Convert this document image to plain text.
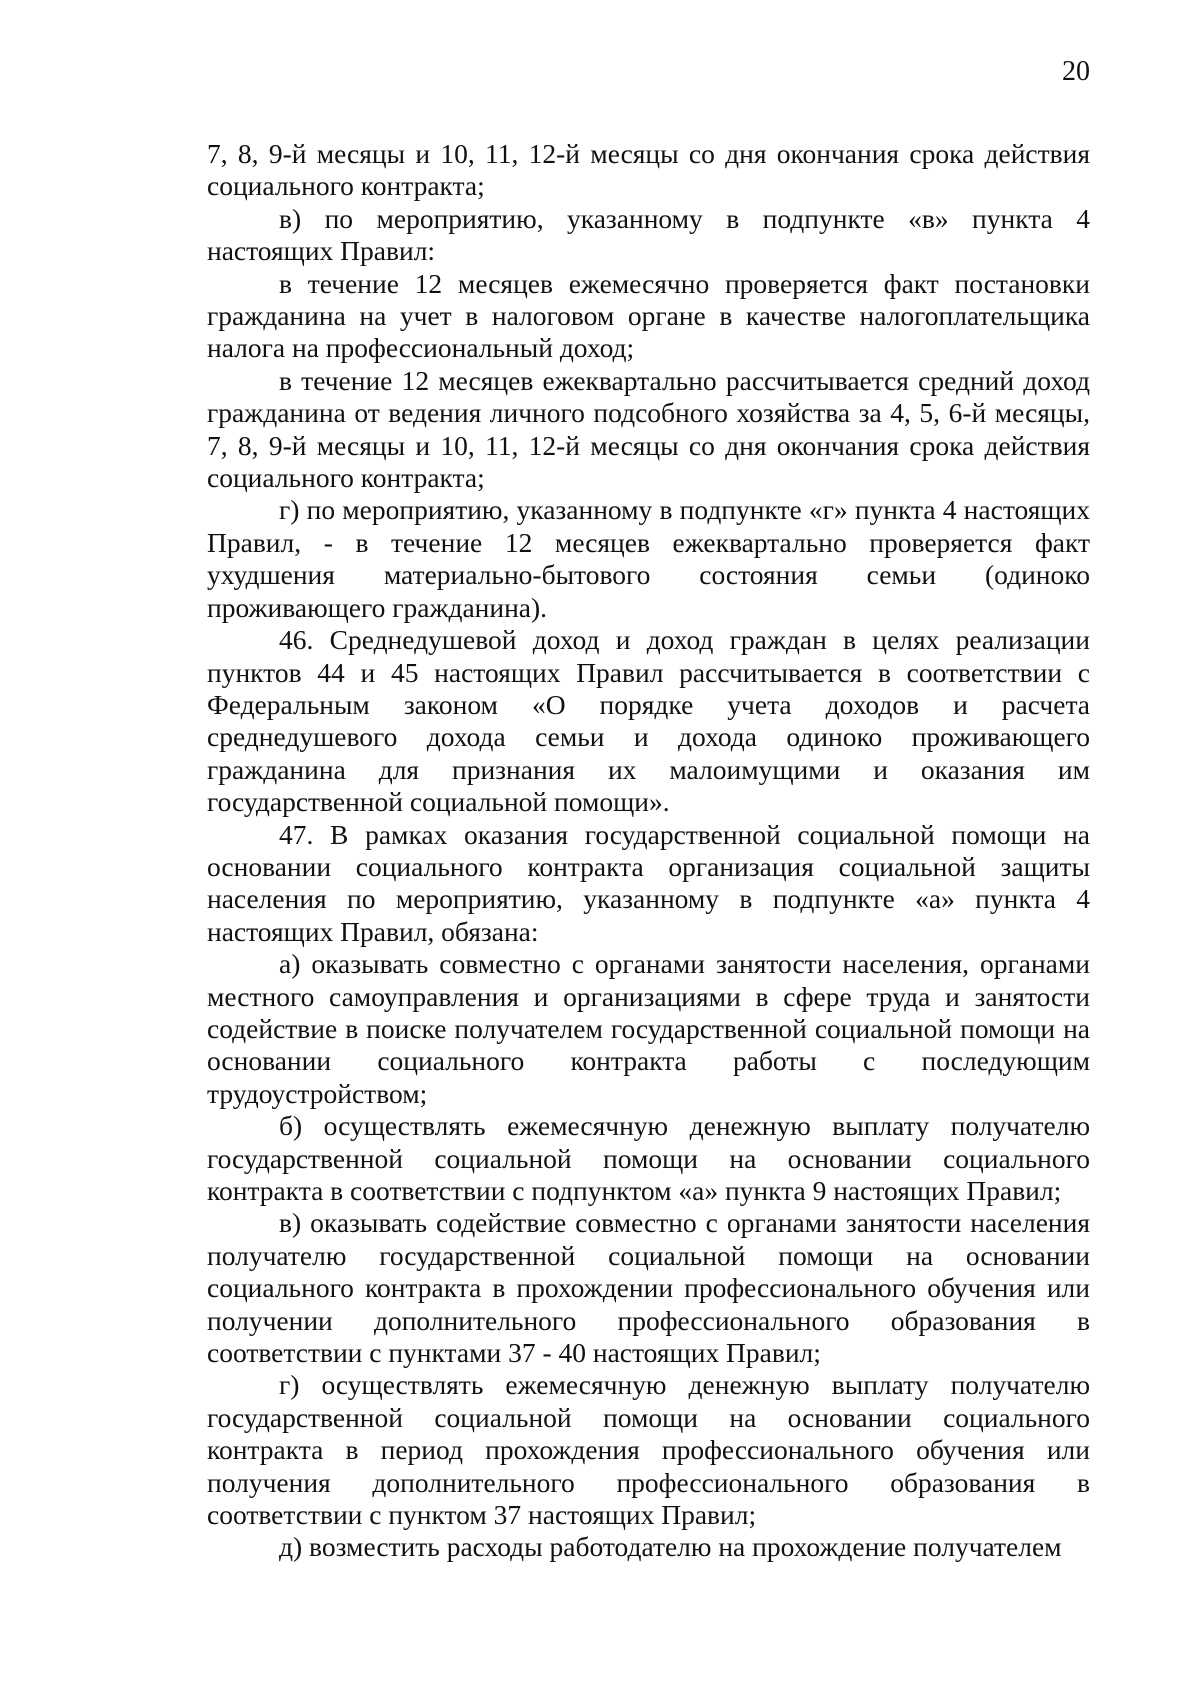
20

7, 8, 9-й месяцы и 10, 11, 12-й месяцы со дня окончания срока действия социального контракта;

в) по мероприятию, указанному в подпункте «в» пункта 4 настоящих Правил:

в течение 12 месяцев ежемесячно проверяется факт постановки гражданина на учет в налоговом органе в качестве налогоплательщика налога на профессиональный доход;

в течение 12 месяцев ежеквартально рассчитывается средний доход гражданина от ведения личного подсобного хозяйства за 4, 5, 6-й месяцы, 7, 8, 9-й месяцы и 10, 11, 12-й месяцы со дня окончания срока действия социального контракта;

г) по мероприятию, указанному в подпункте «г» пункта 4 настоящих Правил, - в течение 12 месяцев ежеквартально проверяется факт ухудшения материально-бытового состояния семьи (одиноко проживающего гражданина).

46. Среднедушевой доход и доход граждан в целях реализации пунктов 44 и 45 настоящих Правил рассчитывается в соответствии с Федеральным законом «О порядке учета доходов и расчета среднедушевого дохода семьи и дохода одиноко проживающего гражданина для признания их малоимущими и оказания им государственной социальной помощи».

47. В рамках оказания государственной социальной помощи на основании социального контракта организация социальной защиты населения по мероприятию, указанному в подпункте «а» пункта 4 настоящих Правил, обязана:

а) оказывать совместно с органами занятости населения, органами местного самоуправления и организациями в сфере труда и занятости содействие в поиске получателем государственной социальной помощи на основании социального контракта работы с последующим трудоустройством;

б) осуществлять ежемесячную денежную выплату получателю государственной социальной помощи на основании социального контракта в соответствии с подпунктом «а» пункта 9 настоящих Правил;

в) оказывать содействие совместно с органами занятости населения получателю государственной социальной помощи на основании социального контракта в прохождении профессионального обучения или получении дополнительного профессионального образования в соответствии с пунктами 37 - 40 настоящих Правил;

г) осуществлять ежемесячную денежную выплату получателю государственной социальной помощи на основании социального контракта в период прохождения профессионального обучения или получения дополнительного профессионального образования в соответствии с пунктом 37 настоящих Правил;

д) возместить расходы работодателю на прохождение получателем
